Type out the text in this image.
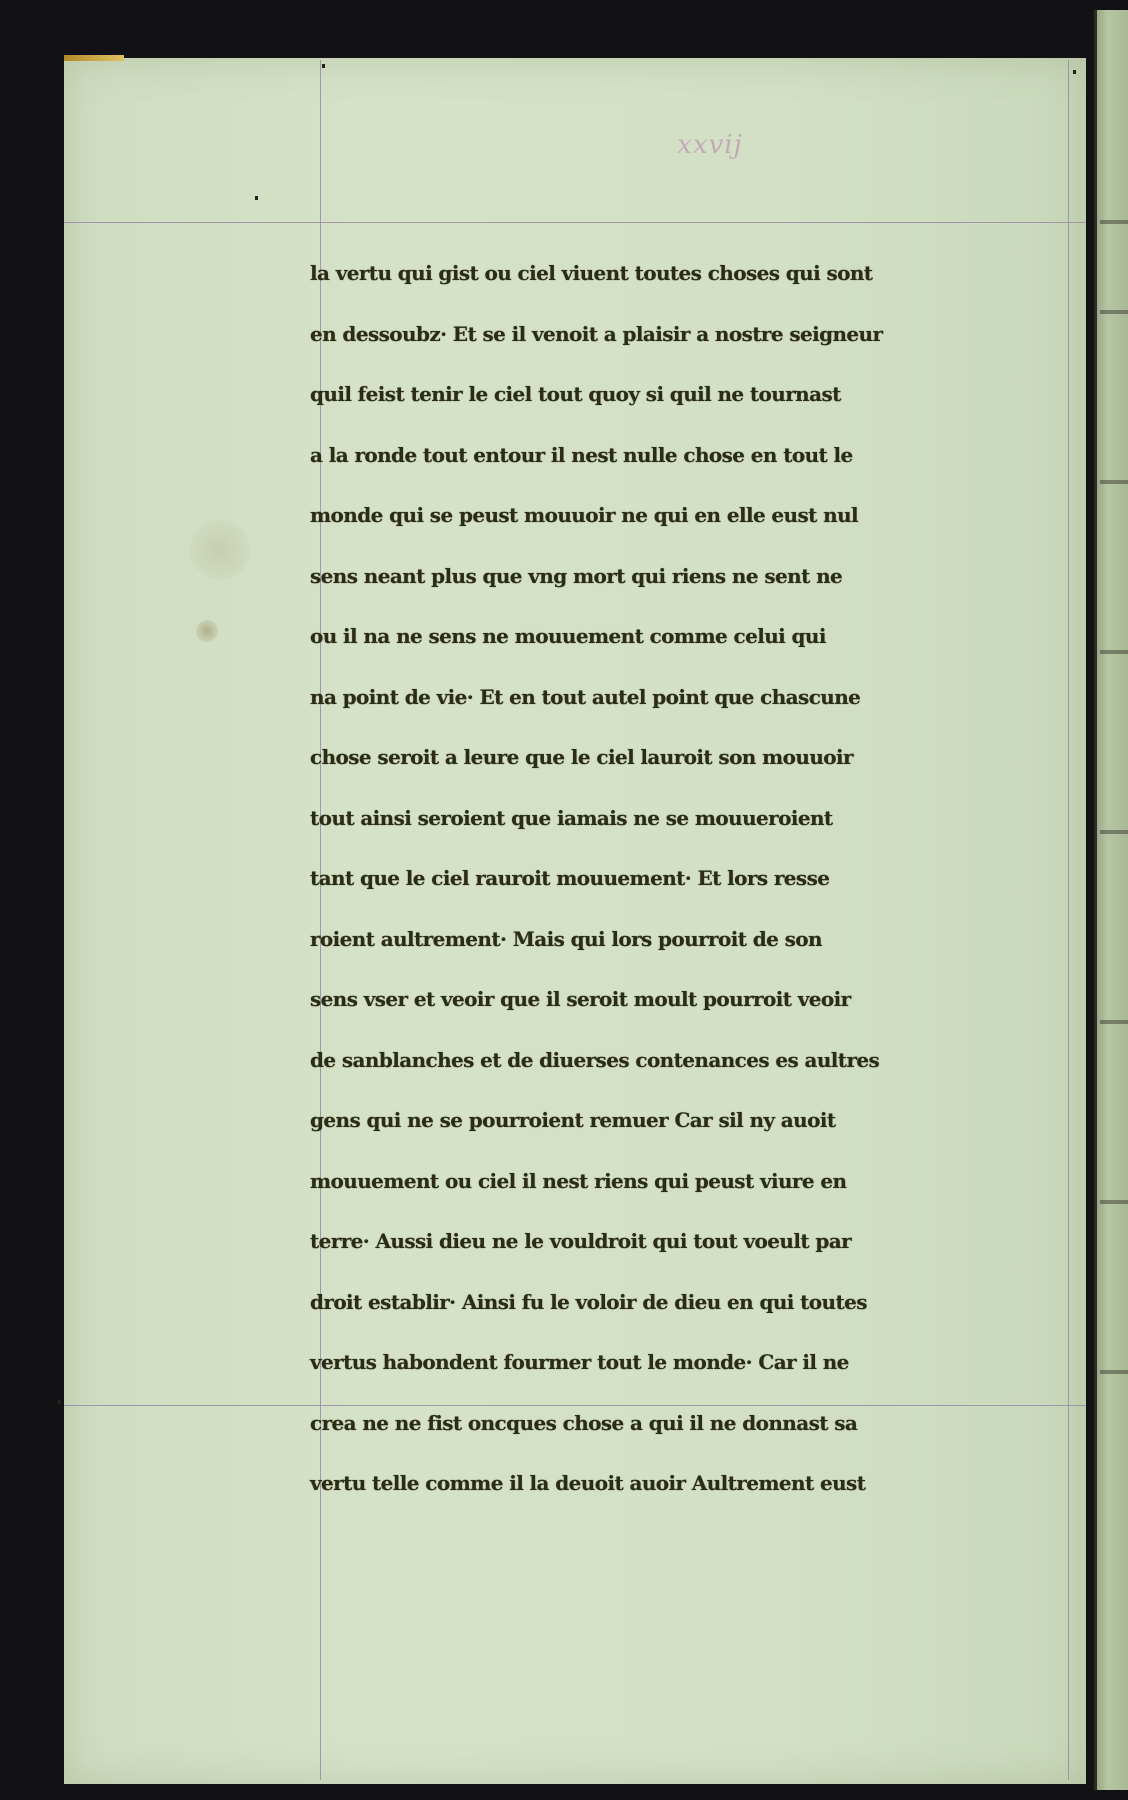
xxvij
la vertu qui gist ou ciel viuent toutes choses qui sont
en dessoubz· Et se il venoit a plaisir a nostre seigneur
quil feist tenir le ciel tout quoy si quil ne tournast
a la ronde tout entour il nest nulle chose en tout le
monde qui se peust mouuoir ne qui en elle eust nul
sens neant plus que vng mort qui riens ne sent ne
ou il na ne sens ne mouuement comme celui qui
na point de vie· Et en tout autel point que chascune
chose seroit a leure que le ciel lauroit son mouuoir
tout ainsi seroient que iamais ne se mouueroient
tant que le ciel rauroit mouuement· Et lors resse
roient aultrement· Mais qui lors pourroit de son
sens vser et veoir que il seroit moult pourroit veoir
de sanblanches et de diuerses contenances es aultres
gens qui ne se pourroient remuer Car sil ny auoit
mouuement ou ciel il nest riens qui peust viure en
terre· Aussi dieu ne le vouldroit qui tout voeult par
droit establir· Ainsi fu le voloir de dieu en qui toutes
vertus habondent fourmer tout le monde· Car il ne
crea ne ne fist oncques chose a qui il ne donnast sa
vertu telle comme il la deuoit auoir Aultrement eust
